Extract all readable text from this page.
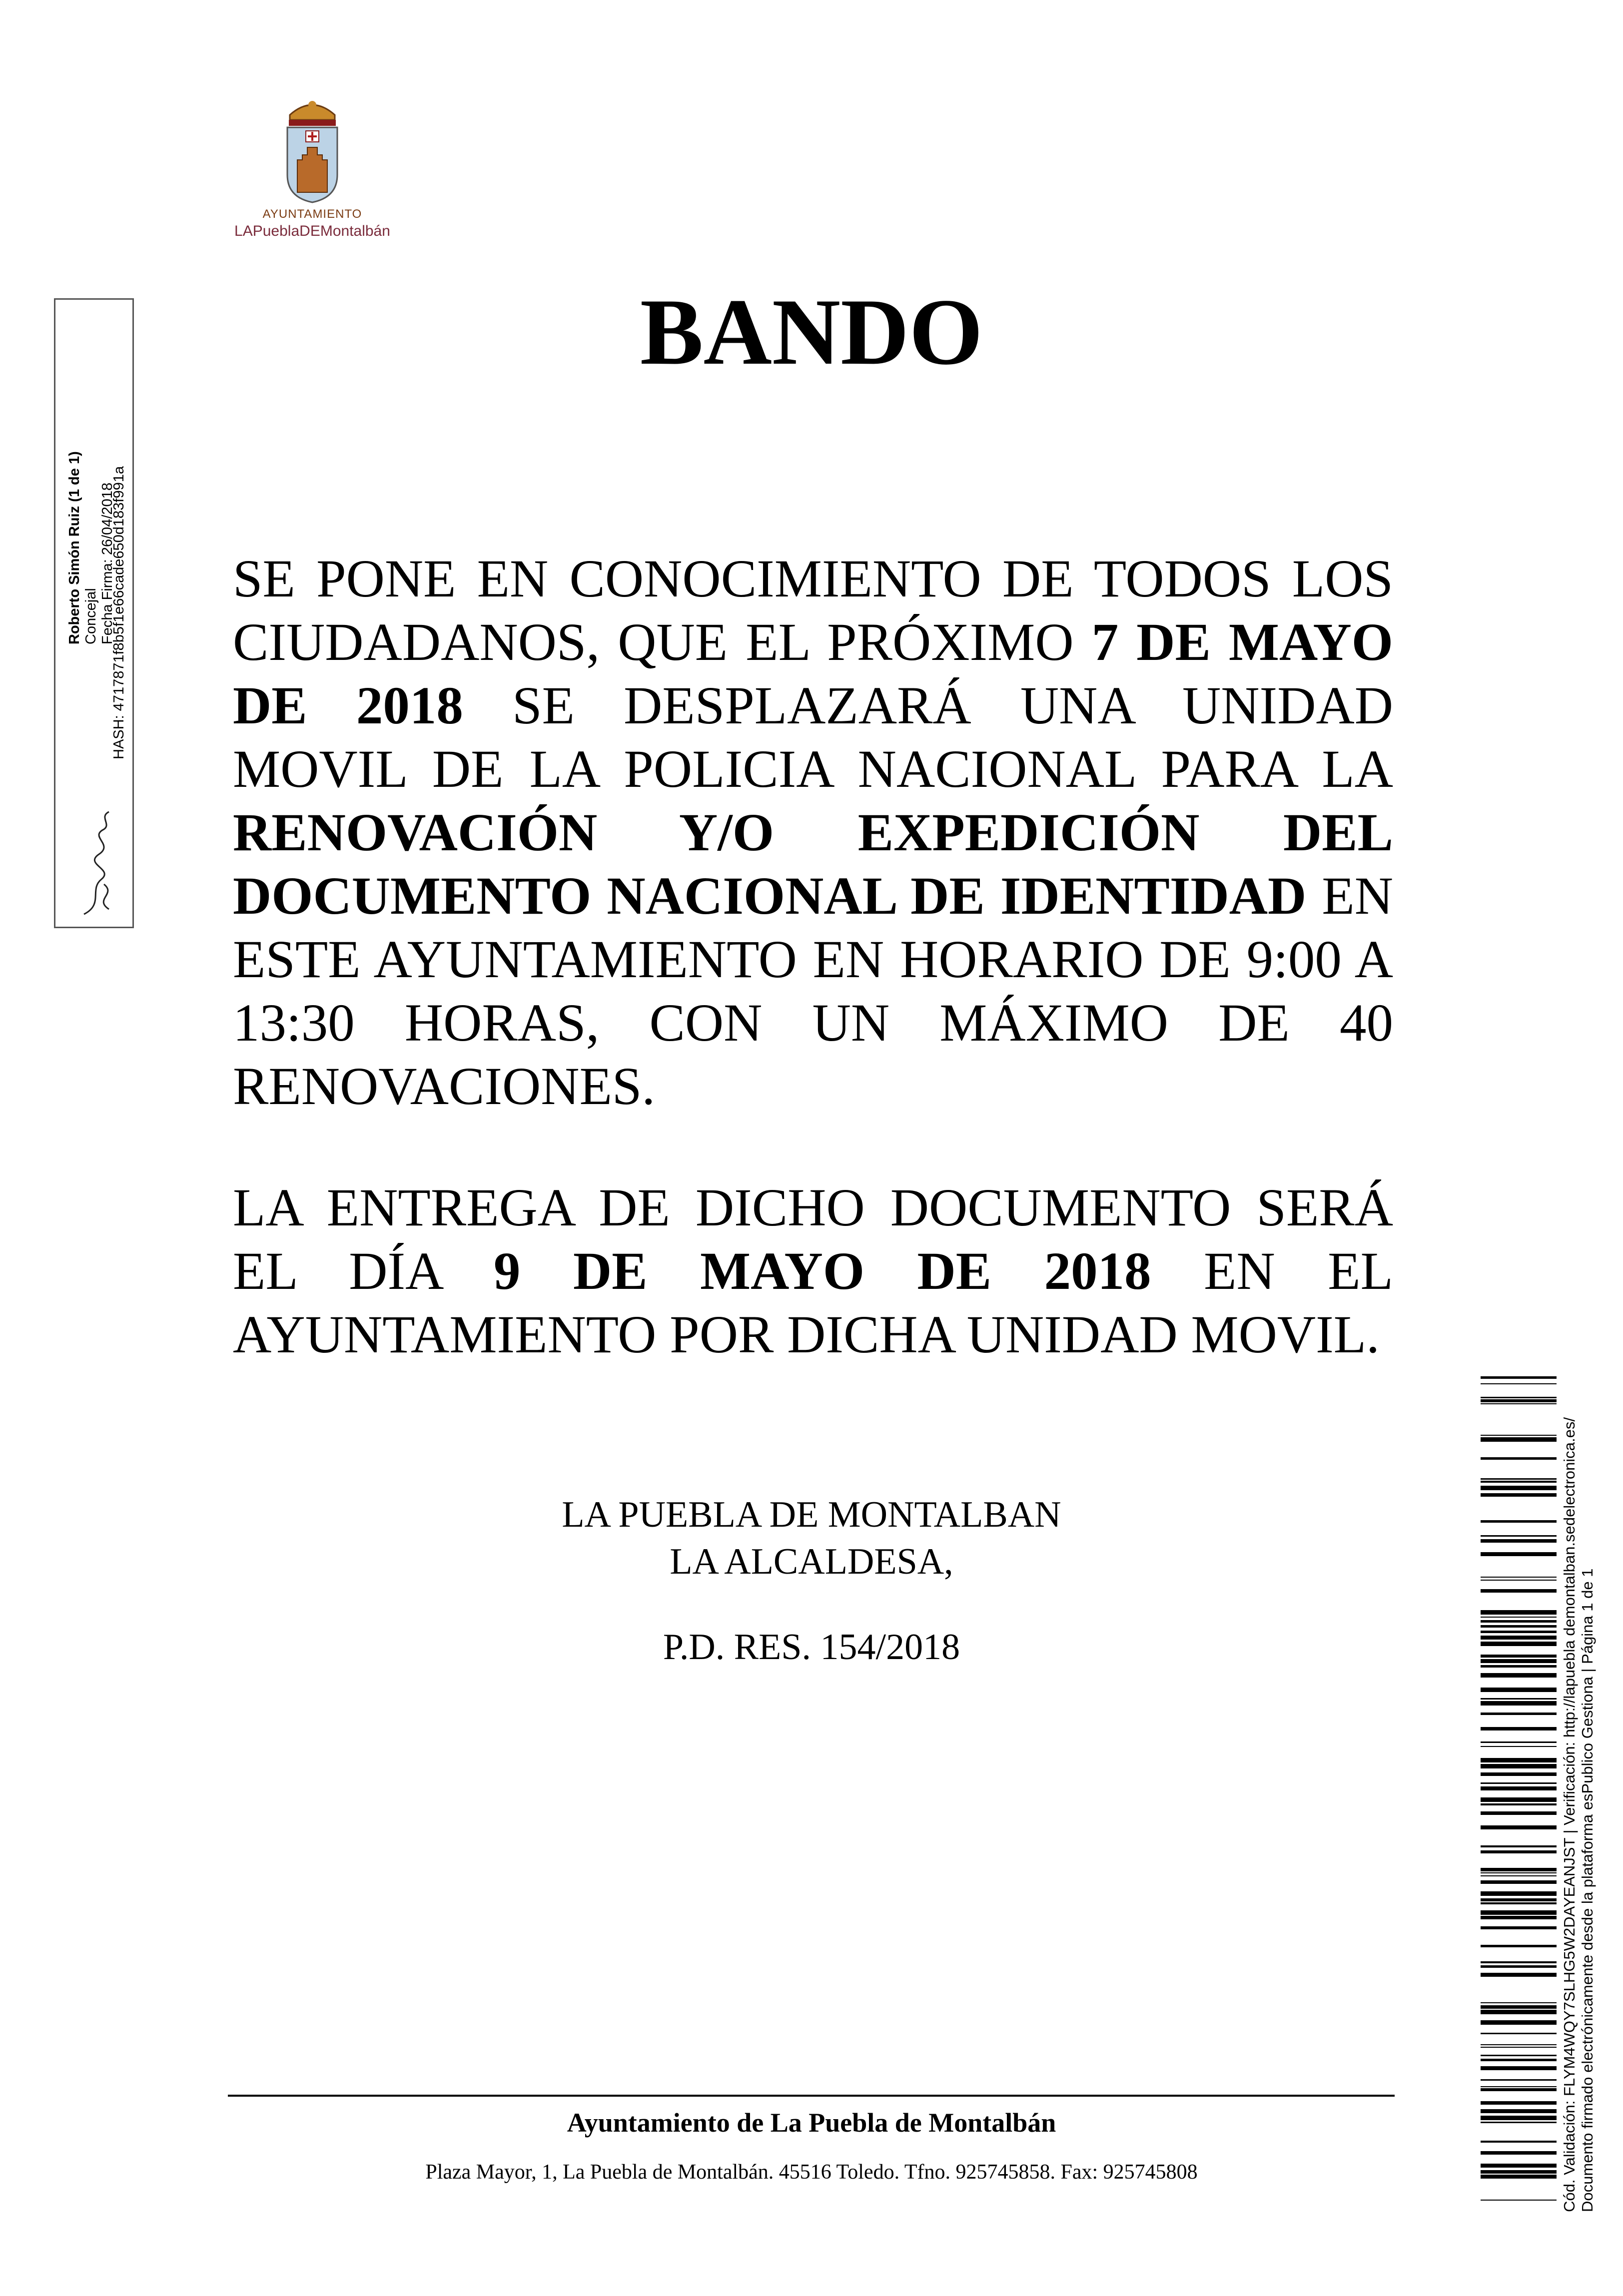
AYUNTAMIENTO
LAPueblaDEMontalbán
BANDO
SE PONE EN CONOCIMIENTO DE TODOS LOS CIUDADANOS, QUE EL PRÓXIMO 7 DE MAYO DE 2018 SE DESPLAZARÁ UNA UNIDAD MOVIL DE LA POLICIA NACIONAL PARA LA RENOVACIÓN Y/O EXPEDICIÓN DEL DOCUMENTO NACIONAL DE IDENTIDAD EN ESTE AYUNTAMIENTO EN HORARIO DE 9:00 A 13:30 HORAS, CON UN MÁXIMO DE 40 RENOVACIONES.
LA ENTREGA DE DICHO DOCUMENTO SERÁ EL DÍA 9 DE MAYO DE 2018 EN EL AYUNTAMIENTO POR DICHA UNIDAD MOVIL.
LA PUEBLA DE MONTALBAN
LA ALCALDESA,
P.D. RES. 154/2018
Ayuntamiento de La Puebla de Montalbán
Plaza Mayor, 1, La Puebla de Montalbán. 45516 Toledo. Tfno. 925745858. Fax: 925745808
Roberto Simón Ruiz (1 de 1) Concejal Fecha Firma: 26/04/2018
HASH: 4717871f8b5f1e66cade650d183f991a
Cód. Validación: FLYM4WQY7SLHG5W2DAYEANJST | Verificación: http://lapuebla demontalban.sedelectronica.es/ Documento firmado electrónicamente desde la plataforma esPublico Gestiona | Página 1 de 1
